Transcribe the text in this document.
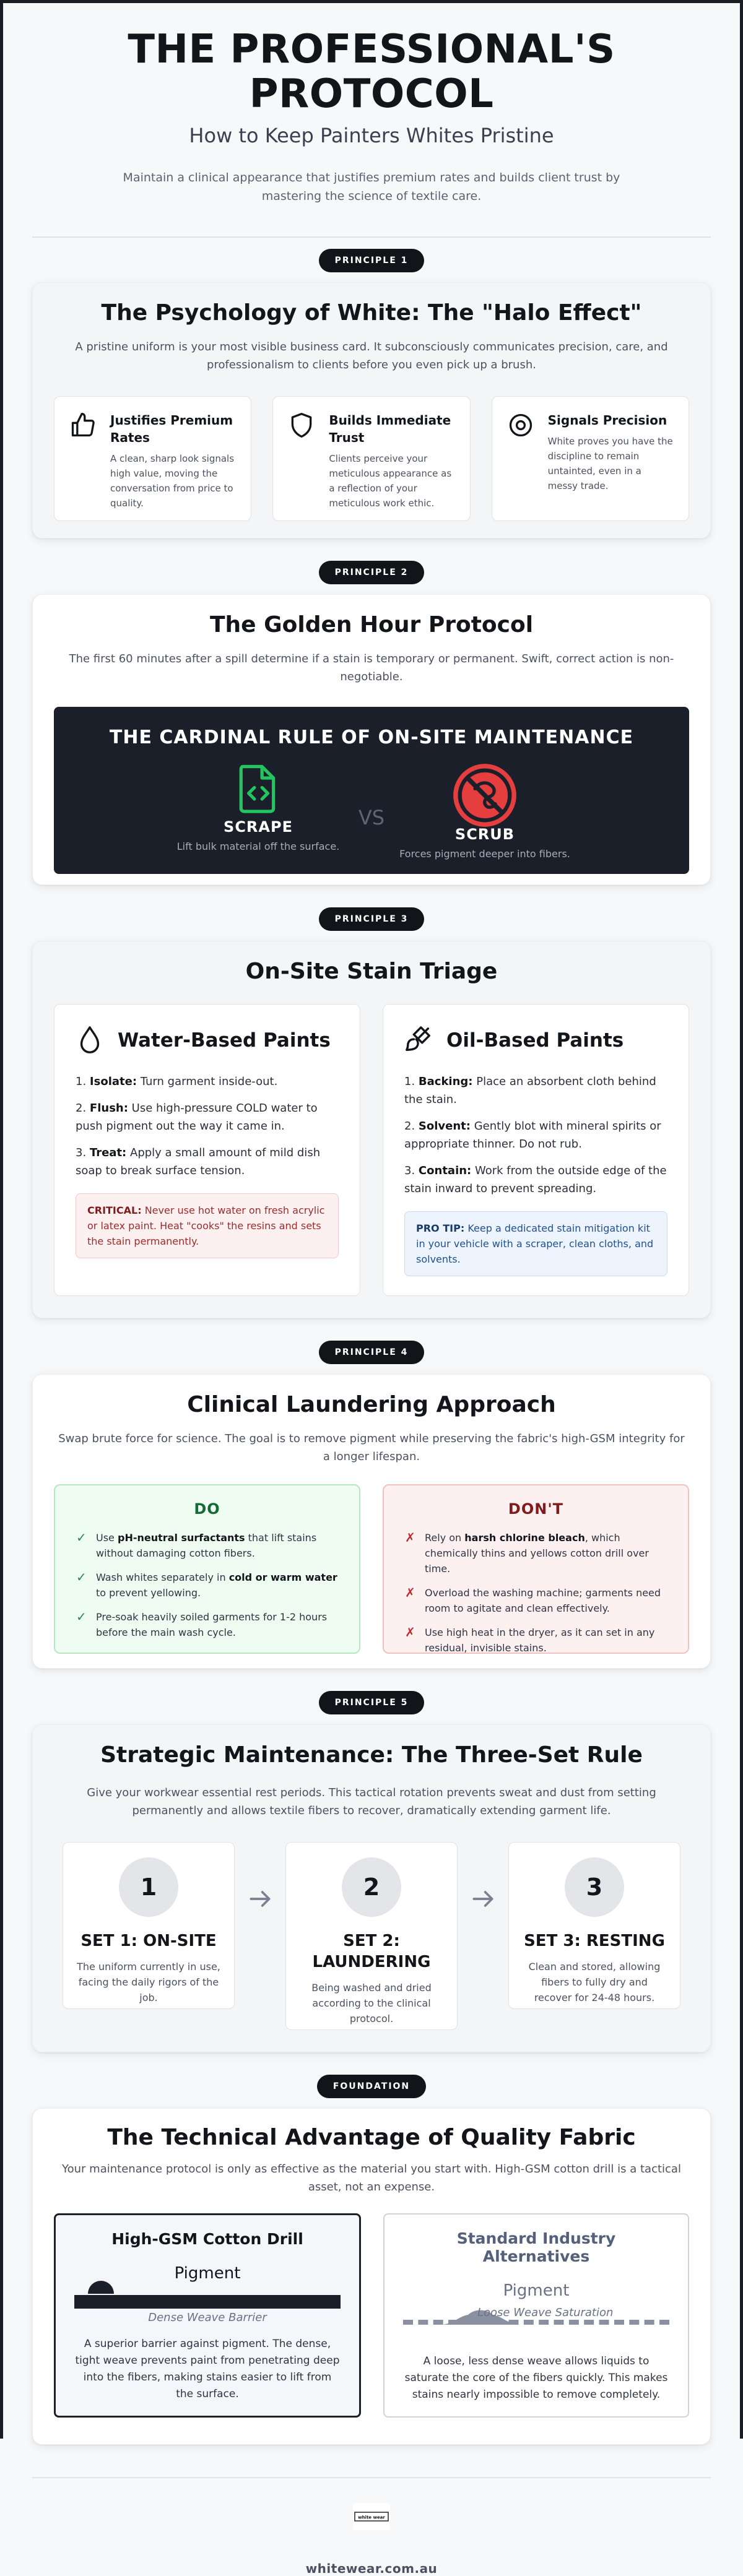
THE PROFESSIONAL'S PROTOCOL
How to Keep Painters Whites Pristine

Maintain a clinical appearance that justifies premium rates and builds client trust by mastering the science of textile care.

PRINCIPLE 1
The Psychology of White: The "Halo Effect"

A pristine uniform is your most visible business card. It subconsciously communicates precision, care, and professionalism to clients before you even pick up a brush.

Justifies Premium Rates

A clean, sharp look signals high value, moving the conversation from price to quality.

Builds Immediate Trust

Clients perceive your meticulous appearance as a reflection of your meticulous work ethic.

Signals Precision

White proves you have the discipline to remain untainted, even in a messy trade.

PRINCIPLE 2
The Golden Hour Protocol

The first 60 minutes after a spill determine if a stain is temporary or permanent. Swift, correct action is non-negotiable.

THE CARDINAL RULE OF ON-SITE MAINTENANCE
SCRAPE
Lift bulk material off the surface.
VS
SCRUB
Forces pigment deeper into fibers.
PRINCIPLE 3
On-Site Stain Triage
Water-Based Paints

1. Isolate: Turn garment inside-out.

2. Flush: Use high-pressure COLD water to push pigment out the way it came in.

3. Treat: Apply a small amount of mild dish soap to break surface tension.

CRITICAL: Never use hot water on fresh acrylic or latex paint. Heat "cooks" the resins and sets the stain permanently.
Oil-Based Paints

1. Backing: Place an absorbent cloth behind the stain.

2. Solvent: Gently blot with mineral spirits or appropriate thinner. Do not rub.

3. Contain: Work from the outside edge of the stain inward to prevent spreading.

PRO TIP: Keep a dedicated stain mitigation kit in your vehicle with a scraper, clean cloths, and solvents.
PRINCIPLE 4
Clinical Laundering Approach

Swap brute force for science. The goal is to remove pigment while preserving the fabric's high-GSM integrity for a longer lifespan.

DO
✓ Use pH-neutral surfactants that lift stains without damaging cotton fibers.
✓ Wash whites separately in cold or warm water to prevent yellowing.
✓ Pre-soak heavily soiled garments for 1-2 hours before the main wash cycle.
DON'T
✗ Rely on harsh chlorine bleach, which chemically thins and yellows cotton drill over time.
✗ Overload the washing machine; garments need room to agitate and clean effectively.
✗ Use high heat in the dryer, as it can set in any residual, invisible stains.
PRINCIPLE 5
Strategic Maintenance: The Three-Set Rule

Give your workwear essential rest periods. This tactical rotation prevents sweat and dust from setting permanently and allows textile fibers to recover, dramatically extending garment life.

1
SET 1: ON-SITE

The uniform currently in use, facing the daily rigors of the job.

2
SET 2: LAUNDERING

Being washed and dried according to the clinical protocol.

3
SET 3: RESTING

Clean and stored, allowing fibers to fully dry and recover for 24-48 hours.

FOUNDATION
The Technical Advantage of Quality Fabric

Your maintenance protocol is only as effective as the material you start with. High-GSM cotton drill is a tactical asset, not an expense.

High-GSM Cotton Drill
Pigment
Dense Weave Barrier

A superior barrier against pigment. The dense, tight weave prevents paint from penetrating deep into the fibers, making stains easier to lift from the surface.

Standard Industry Alternatives
Pigment
Loose Weave Saturation

A loose, less dense weave allows liquids to saturate the core of the fibers quickly. This makes stains nearly impossible to remove completely.

white wear
whitewear.com.au
